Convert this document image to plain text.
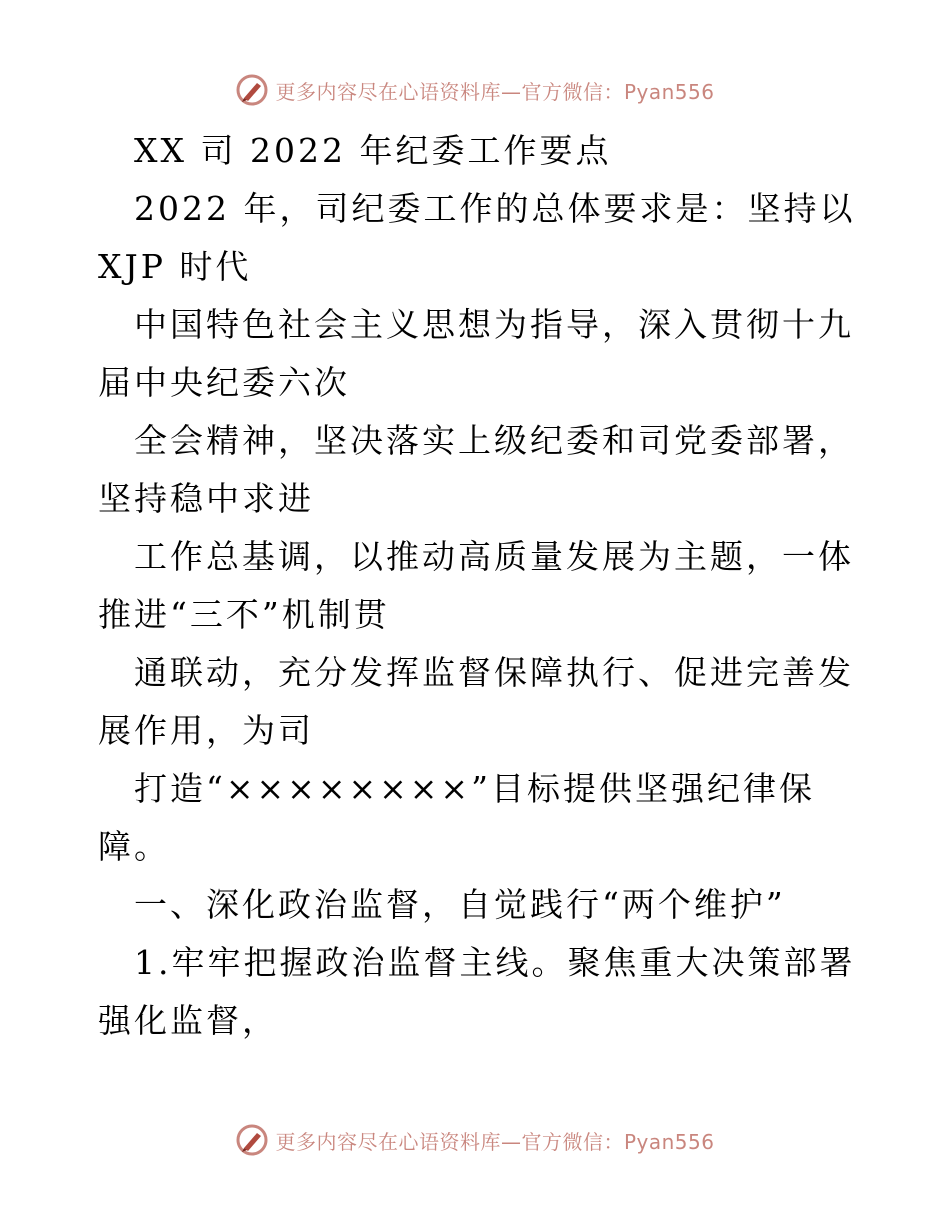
更多内容尽在心语资料库—官方微信：Pyan556

XX 司 2022 年纪委工作要点

2022 年，司纪委工作的总体要求是：坚持以XJP 时代

中国特色社会主义思想为指导，深入贯彻十九届中央纪委六次

全会精神，坚决落实上级纪委和司党委部署，坚持稳中求进

工作总基调，以推动高质量发展为主题，一体推进“三不”机制贯

通联动，充分发挥监督保障执行、促进完善发展作用，为司

打造“××××××××”目标提供坚强纪律保障。

一、深化政治监督，自觉践行“两个维护”

1.牢牢把握政治监督主线。聚焦重大决策部署强化监督，

更多内容尽在心语资料库—官方微信：Pyan556
